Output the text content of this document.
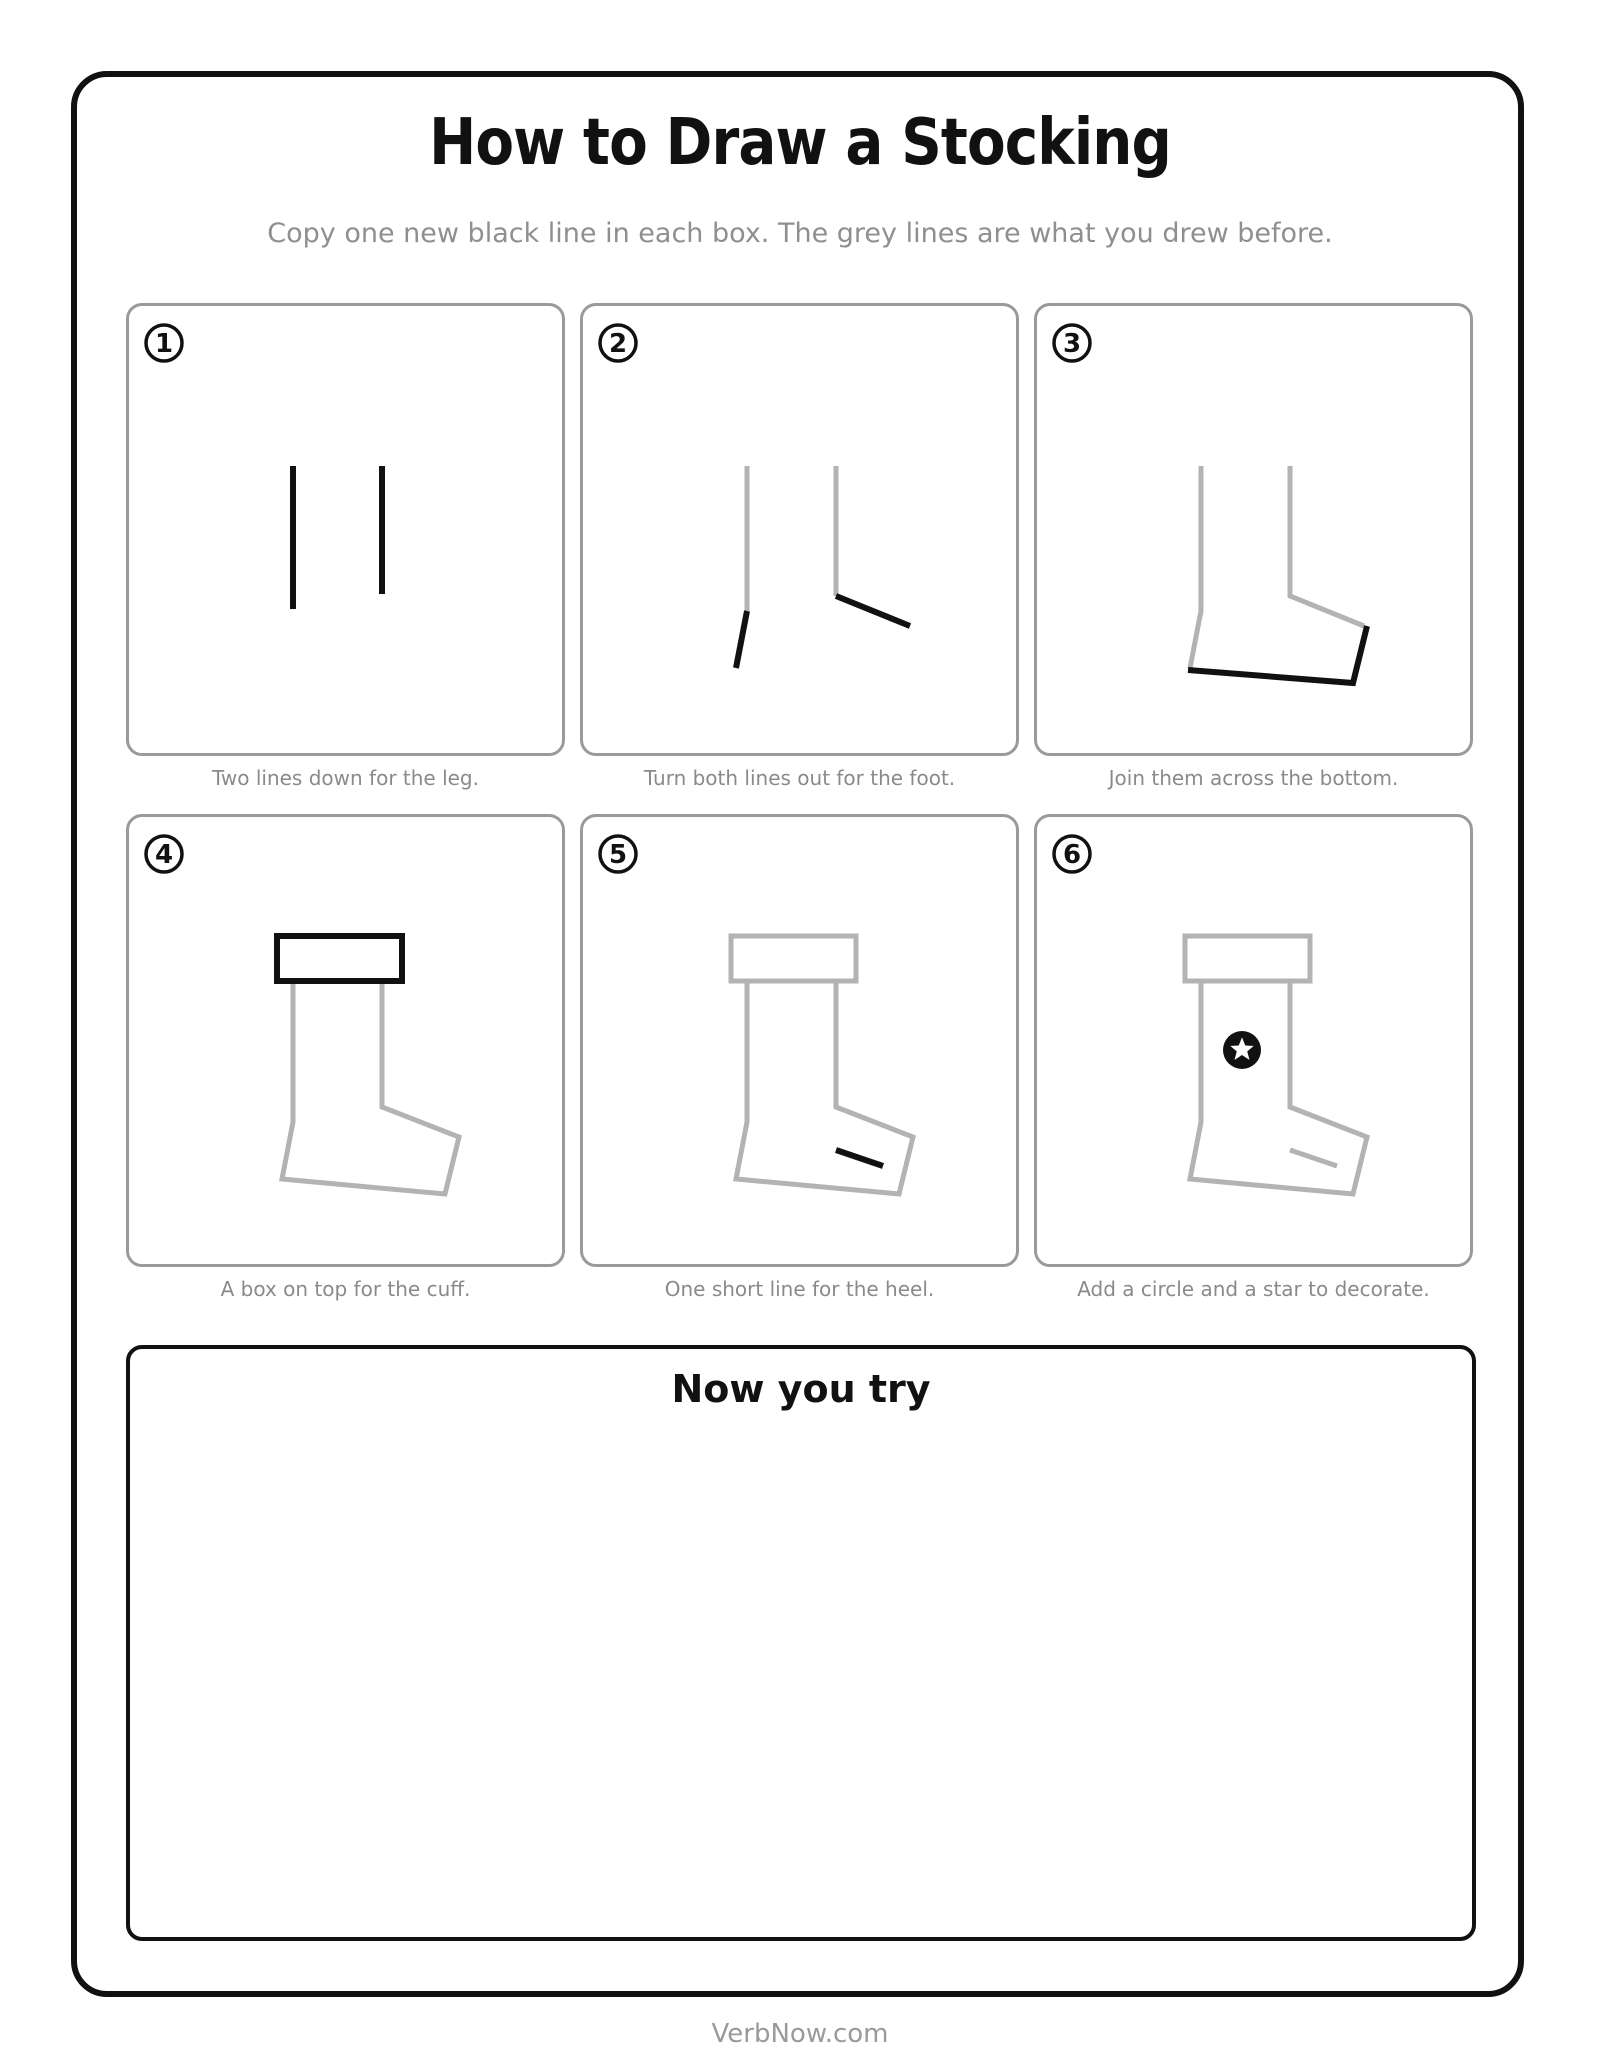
How to Draw a Stocking
Copy one new black line in each box. The grey lines are what you drew before.
1
Two lines down for the leg.
2
Turn both lines out for the foot.
3
Join them across the bottom.
4
A box on top for the cuff.
5
One short line for the heel.
6
Add a circle and a star to decorate.
Now you try
VerbNow.com
